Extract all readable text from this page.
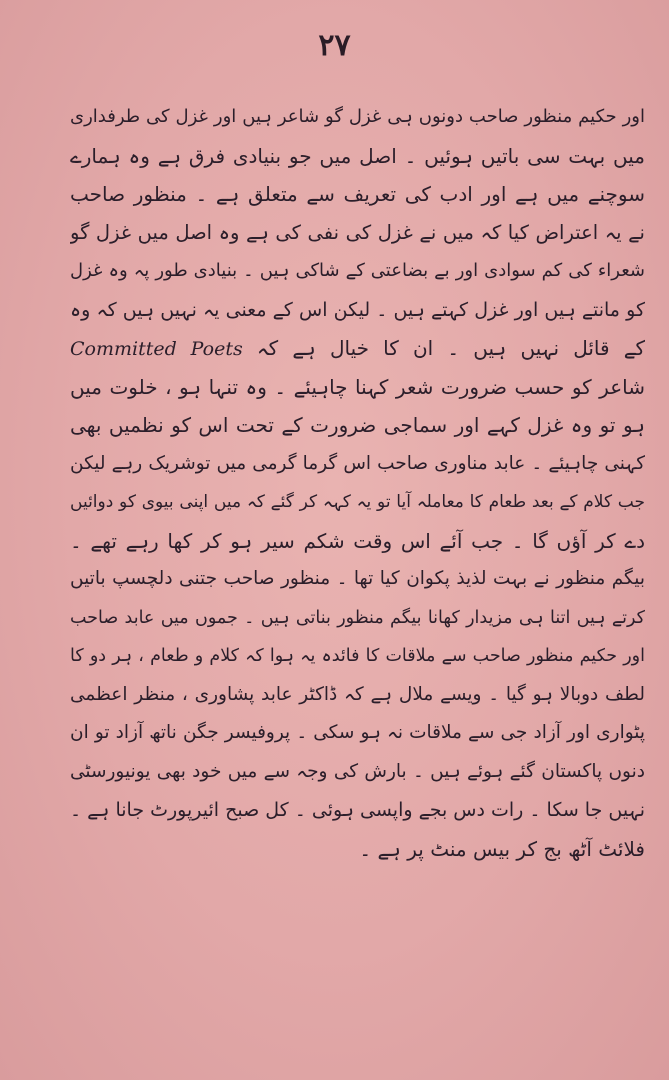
۲۷
اور حکیم منظور صاحب دونوں ہی غزل گو شاعر ہیں اور غزل کی طرفداری
میں بہت سی باتیں ہوئیں ۔ اصل میں جو بنیادی فرق ہے وہ ہمارے
سوچنے میں ہے اور ادب کی تعریف سے متعلق ہے ۔ منظور صاحب
نے یہ اعتراض کیا کہ میں نے غزل کی نفی کی ہے وہ اصل میں غزل گو
شعراء کی کم سوادی اور بے بضاعتی کے شاکی ہیں ۔ بنیادی طور پہ وہ غزل
کو مانتے ہیں اور غزل کہتے ہیں ۔ لیکن اس کے معنی یہ نہیں ہیں کہ وہ
کے قائل نہیں ہیں ۔ ان کا خیال ہے کہ Committed Poets
شاعر کو حسب ضرورت شعر کہنا چاہیئے ۔ وہ تنہا ہو ، خلوت میں
ہو تو وہ غزل کہے اور سماجی ضرورت کے تحت اس کو نظمیں بھی
کہنی چاہیئے ۔ عابد مناوری صاحب اس گرما گرمی میں توشریک رہے لیکن
جب کلام کے بعد طعام کا معاملہ آیا تو یہ کہہ کر گئے کہ میں اپنی بیوی کو دوائیں
دے کر آؤں گا ۔ جب آئے اس وقت شکم سیر ہو کر کھا رہے تھے ۔
بیگم منظور نے بہت لذیذ پکوان کیا تھا ۔ منظور صاحب جتنی دلچسپ باتیں
کرتے ہیں اتنا ہی مزیدار کھانا بیگم منظور بناتی ہیں ۔ جموں میں عابد صاحب
اور حکیم منظور صاحب سے ملاقات کا فائدہ یہ ہوا کہ کلام و طعام ، ہر دو کا
لطف دوبالا ہو گیا ۔ ویسے ملال ہے کہ ڈاکٹر عابد پشاوری ، منظر اعظمی
پٹواری اور آزاد جی سے ملاقات نہ ہو سکی ۔ پروفیسر جگن ناتھ آزاد تو ان
دنوں پاکستان گئے ہوئے ہیں ۔ بارش کی وجہ سے میں خود بھی یونیورسٹی
نہیں جا سکا ۔ رات دس بجے واپسی ہوئی ۔ کل صبح ائیرپورٹ جانا ہے ۔
فلائٹ آٹھ بج کر بیس منٹ پر ہے ۔
